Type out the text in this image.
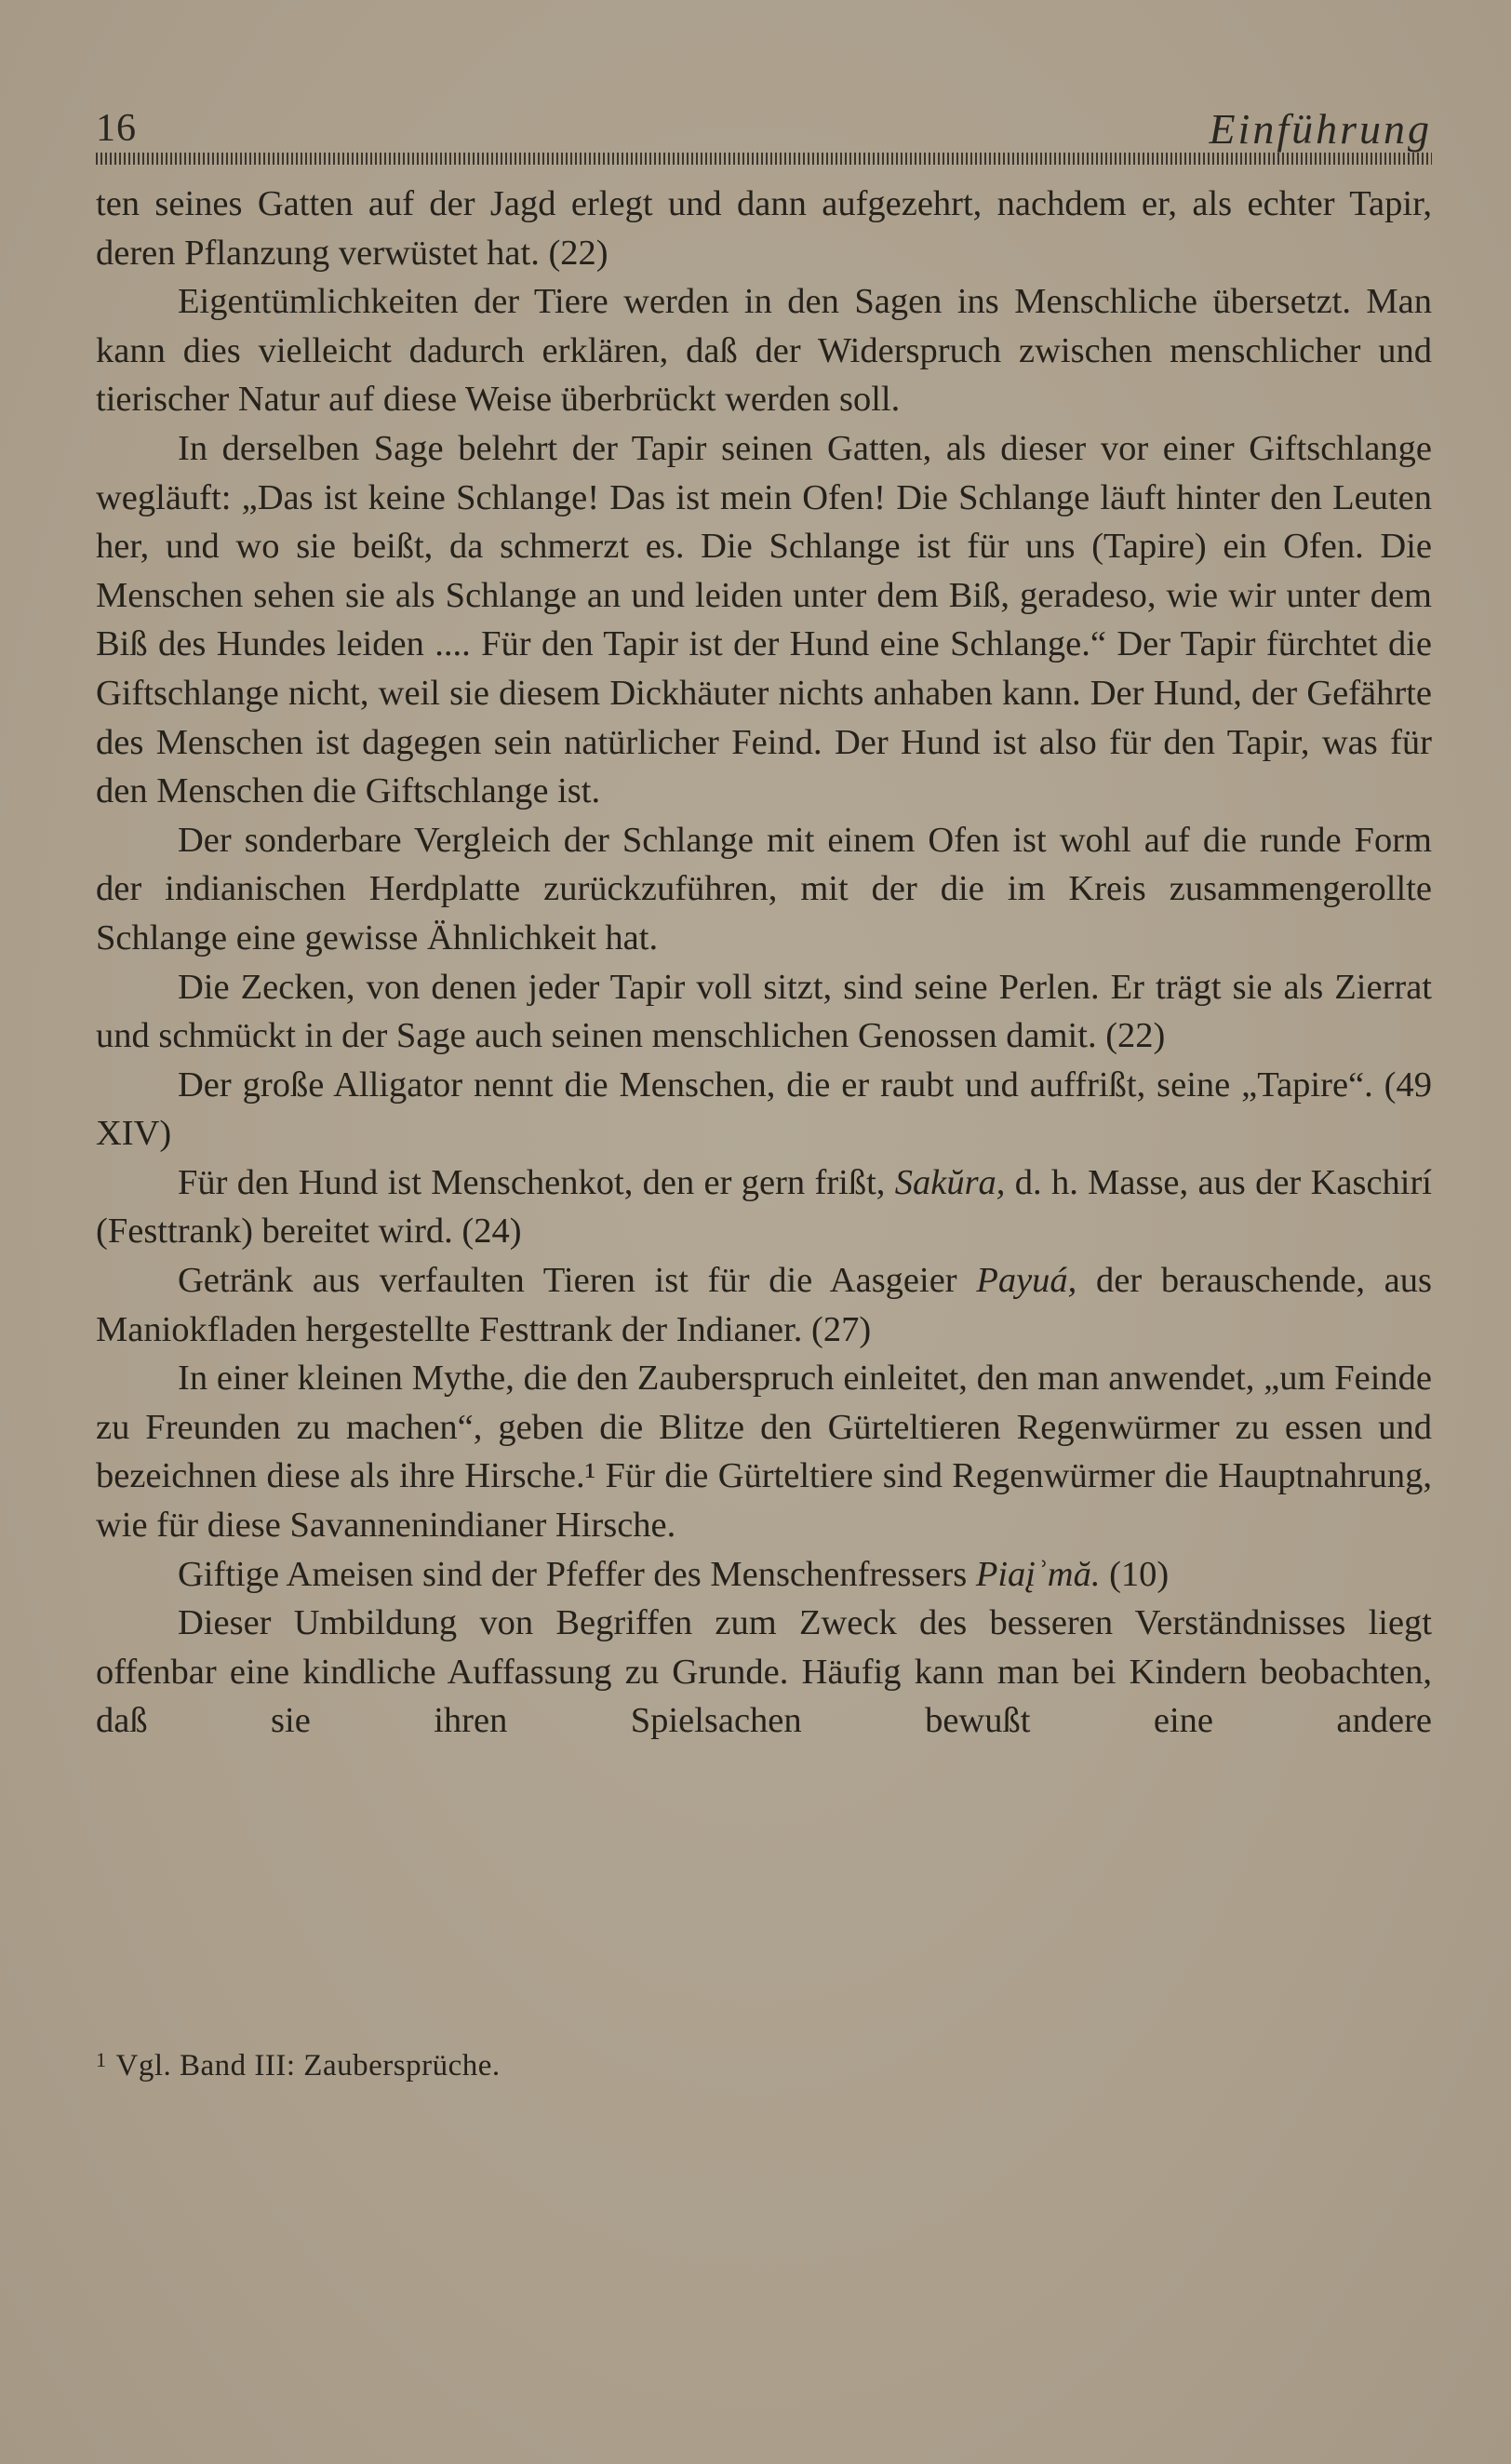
16	Einführung

ten seines Gatten auf der Jagd erlegt und dann aufgezehrt, nachdem er, als echter Tapir, deren Pflanzung verwüstet hat. (22)

Eigentümlichkeiten der Tiere werden in den Sagen ins Menschliche übersetzt. Man kann dies vielleicht dadurch erklären, daß der Widerspruch zwischen menschlicher und tierischer Natur auf diese Weise überbrückt werden soll.

In derselben Sage belehrt der Tapir seinen Gatten, als dieser vor einer Giftschlange wegläuft: „Das ist keine Schlange! Das ist mein Ofen! Die Schlange läuft hinter den Leuten her, und wo sie beißt, da schmerzt es. Die Schlange ist für uns (Tapire) ein Ofen. Die Menschen sehen sie als Schlange an und leiden unter dem Biß, geradeso, wie wir unter dem Biß des Hundes leiden .... Für den Tapir ist der Hund eine Schlange.“ Der Tapir fürchtet die Giftschlange nicht, weil sie diesem Dickhäuter nichts anhaben kann. Der Hund, der Gefährte des Menschen ist dagegen sein natürlicher Feind. Der Hund ist also für den Tapir, was für den Menschen die Giftschlange ist.

Der sonderbare Vergleich der Schlange mit einem Ofen ist wohl auf die runde Form der indianischen Herdplatte zurückzuführen, mit der die im Kreis zusammengerollte Schlange eine gewisse Ähnlichkeit hat.

Die Zecken, von denen jeder Tapir voll sitzt, sind seine Perlen. Er trägt sie als Zierrat und schmückt in der Sage auch seinen menschlichen Genossen damit. (22)

Der große Alligator nennt die Menschen, die er raubt und auffrißt, seine „Tapire“. (49 XIV)

Für den Hund ist Menschenkot, den er gern frißt, Sakŭra, d. h. Masse, aus der Kaschirí (Festtrank) bereitet wird. (24)

Getränk aus verfaulten Tieren ist für die Aasgeier Payuá, der berauschende, aus Maniokfladen hergestellte Festtrank der Indianer. (27)

In einer kleinen Mythe, die den Zauberspruch einleitet, den man anwendet, „um Feinde zu Freunden zu machen“, geben die Blitze den Gürteltieren Regenwürmer zu essen und bezeichnen diese als ihre Hirsche.¹ Für die Gürteltiere sind Regenwürmer die Hauptnahrung, wie für diese Savannenindianer Hirsche.

Giftige Ameisen sind der Pfeffer des Menschenfressers Piaįʾmă. (10)

Dieser Umbildung von Begriffen zum Zweck des besseren Verständnisses liegt offenbar eine kindliche Auffassung zu Grunde. Häufig kann man bei Kindern beobachten, daß sie ihren Spielsachen bewußt eine andere

$^1$ Vgl. Band III: Zaubersprüche.
